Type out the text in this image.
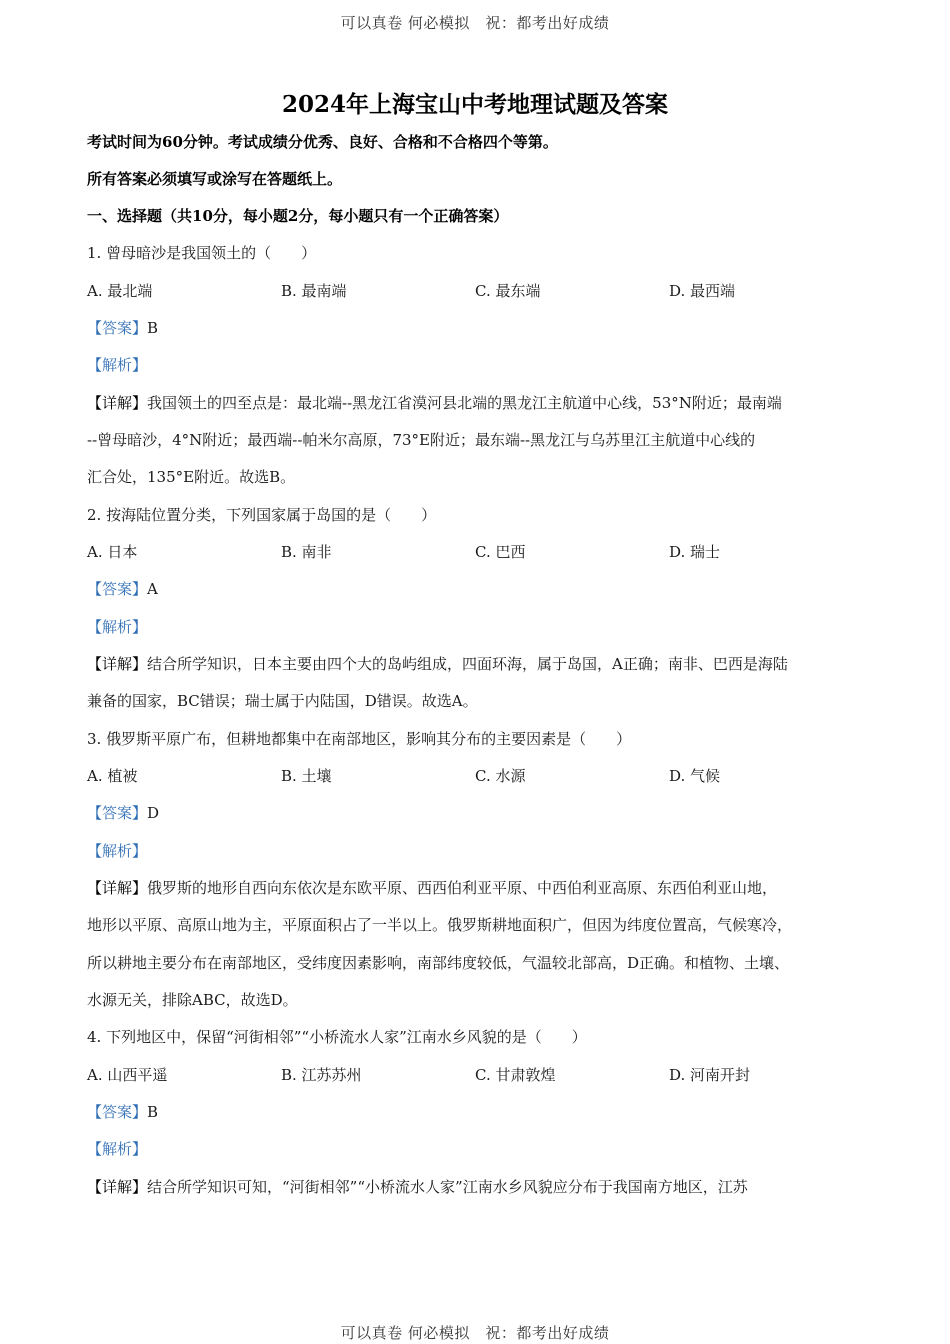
可以真卷 何必模拟　祝：都考出好成绩
2024年上海宝山中考地理试题及答案
考试时间为60分钟。考试成绩分优秀、良好、合格和不合格四个等第。
所有答案必须填写或涂写在答题纸上。
一、选择题（共10分，每小题2分，每小题只有一个正确答案）
1. 曾母暗沙是我国领土的（　　）
A. 最北端	B. 最南端	C. 最东端	D. 最西端
【答案】B
【解析】
【详解】我国领土的四至点是：最北端--黑龙江省漠河县北端的黑龙江主航道中心线，53°N附近；最南端
--曾母暗沙，4°N附近；最西端--帕米尔高原，73°E附近；最东端--黑龙江与乌苏里江主航道中心线的
汇合处，135°E附近。故选B。
2. 按海陆位置分类，下列国家属于岛国的是（　　）
A. 日本	B. 南非	C. 巴西	D. 瑞士
【答案】A
【解析】
【详解】结合所学知识，日本主要由四个大的岛屿组成，四面环海，属于岛国，A正确；南非、巴西是海陆
兼备的国家，BC错误；瑞士属于内陆国，D错误。故选A。
3. 俄罗斯平原广布，但耕地都集中在南部地区，影响其分布的主要因素是（　　）
A. 植被	B. 土壤	C. 水源	D. 气候
【答案】D
【解析】
【详解】俄罗斯的地形自西向东依次是东欧平原、西西伯利亚平原、中西伯利亚高原、东西伯利亚山地，
地形以平原、高原山地为主，平原面积占了一半以上。俄罗斯耕地面积广，但因为纬度位置高，气候寒冷，
所以耕地主要分布在南部地区，受纬度因素影响，南部纬度较低，气温较北部高，D正确。和植物、土壤、
水源无关，排除ABC，故选D。
4. 下列地区中，保留“河街相邻”“小桥流水人家”江南水乡风貌的是（　　）
A. 山西平遥	B. 江苏苏州	C. 甘肃敦煌	D. 河南开封
【答案】B
【解析】
【详解】结合所学知识可知，“河街相邻”“小桥流水人家”江南水乡风貌应分布于我国南方地区，江苏
可以真卷 何必模拟　祝：都考出好成绩
